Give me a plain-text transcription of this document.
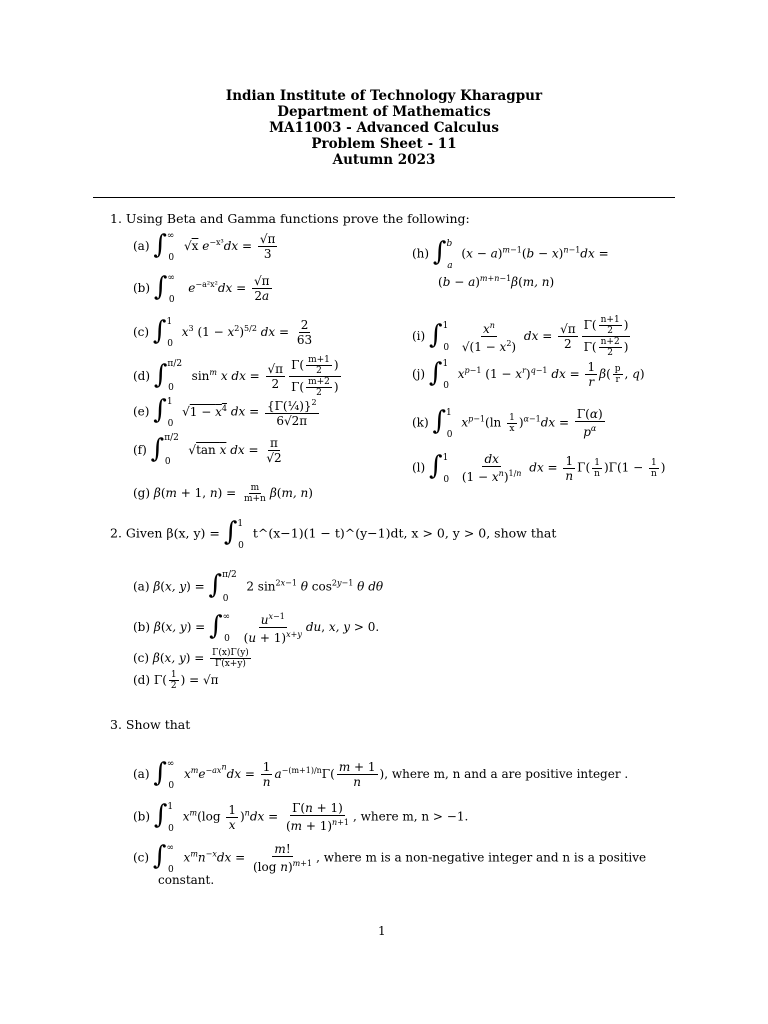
Indian Institute of Technology Kharagpur
Department of Mathematics
MA11003 - Advanced Calculus
Problem Sheet - 11
Autumn 2023
1. Using Beta and Gamma functions prove the following:
(a) $\int^\infty_0$ √x $e^{-x^3}dx = \frac{√\pi}{3}$
(b) $\int^\infty_0$  $e^{-a^2x^2}dx = \frac{√\pi}{2a}$
(c) ∫$^1_0$ $x^3$ $(1 - x^2)^{5/2}$ dx = $\frac{2}{63}$
(d) ∫$^{\pi/2}_0$ $\sin^m x$ dx = $\frac{√\pi}{2} \frac{\Gamma( \frac{m+1}{2} )}{\Gamma( \frac{m+2}{2} )}$
(e) ∫$^1_0$ $√1 - x^4$ dx = $\frac{\{\Gamma(\frac{1}{4})\}^2}{6√2\pi}$
(f) ∫$^{\pi/2}_0$ √tan x dx = $\frac{\pi}{√2}$
(g) β(m + 1, $n) = \frac{m}{m+n} \beta(m$, n)
(h) ∫$^b_a$ $(x - a)^{m-1}(b - x)^{n-1}dx$ =
$(b - a)^{m+n-1}\beta(m$, n)
(i) $\int^1_0 \frac{x^n}{√(1 - x^2)}$ dx = $\frac{√\pi}{2} \frac{\Gamma( \frac{n+1}{2} )}{\Gamma( \frac{n+2}{2} )}$
(j) ∫$^1_0$ $x^{p-1}$ $(1 - x^r)^{q-1}$ dx = $\frac{1}{r} \beta( \frac{p}{r}$ , q)
(k) ∫$^1_0$ $x^{p-1}(\ln \frac{1}{x} )^{\alpha-1}dx = \frac{\Gamma(\alpha)}{p^\alpha}$
(l) $\int^1_0 \frac{dx}{(1 - x^n)^{1/n}}$ dx = $\frac{1}{n} \Gamma( \frac{1}{n} )\Gamma(1 - \frac{1}{n}$ )
2. Given β(x, y) = ∫$^1_0$ t^(x−1)(1 − t)^(y−1)dt, x > 0, y > 0, show that
(a) β(x, y) = ∫$^{\pi/2}_0$ 2 $\sin^{2x-1} \theta$ $\cos^{2y-1} \theta$ dθ
(b) β(x, $y) = \int^\infty_0 \frac{u^{x-1}}{(u + 1)^{x+y}}$ du, x, y > 0.
(c) β(x, $y) = \frac{\Gamma(x)\Gamma(y)}{\Gamma(x+y)}$
(d) $\Gamma( \frac{1}{2}$ ) = √π
3. Show that
(a) $\int^\infty_0$ $x^me^{-ax^n}dx = \frac{1}{n} a^{-(m+1)/n}\Gamma( \frac{m + 1}{n}$ ), where m, n and a are positive integer .
(b) ∫$^1_0$ $x^m(\log \frac{1}{x} )^ndx = \frac{\Gamma(n + 1)}{(m + 1)^{n+1}}$ , where m, n > −1.
(c) $\int^\infty_0$ $x^mn^{-x}dx = \frac{m!}{(\log n)^{m+1}}$ , where m is a non-negative integer and n is a positive
constant.
1
